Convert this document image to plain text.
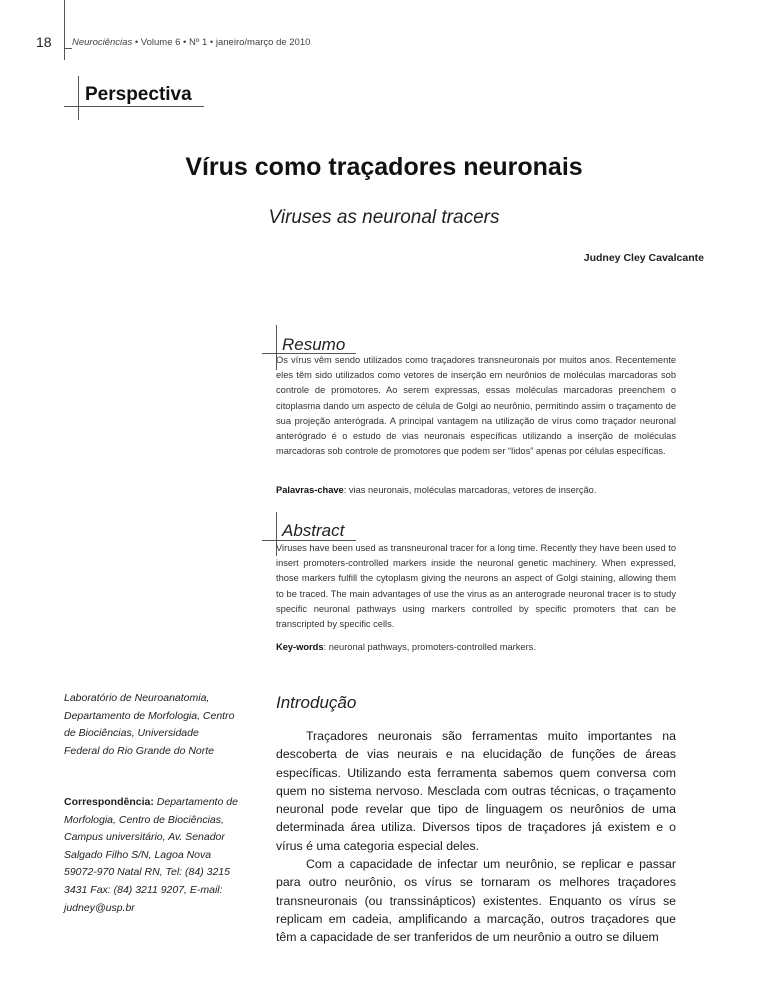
18 Neurociências • Volume 6 • Nº 1 • janeiro/março de 2010
Perspectiva
Vírus como traçadores neuronais
Viruses as neuronal tracers
Judney Cley Cavalcante
Resumo
Os vírus vêm sendo utilizados como traçadores transneuronais por muitos anos. Recentemente eles têm sido utilizados como vetores de inserção em neurônios de moléculas marcadoras sob controle de promotores. Ao serem expressas, essas moléculas marcadoras preenchem o citoplasma dando um aspecto de célula de Golgi ao neurônio, permitindo assim o traçamento de sua projeção anterógrada. A principal vantagem na utilização de vírus como traçador neuronal anterógrado é o estudo de vias neuronais específicas utilizando a inserção de moléculas marcadoras sob controle de promotores que podem ser “lidos” apenas por células específicas.
Palavras-chave: vias neuronais, moléculas marcadoras, vetores de inserção.
Abstract
Viruses have been used as transneuronal tracer for a long time. Recently they have been used to insert promoters-controlled markers inside the neuronal genetic machinery. When expressed, those markers fulfill the cytoplasm giving the neurons an aspect of Golgi staining, allowing them to be traced. The main advantages of use the virus as an anterograde neuronal tracer is to study specific neuronal pathways using markers controlled by specific promoters that can be transcripted by specific cells.
Key-words: neuronal pathways, promoters-controlled markers.
Laboratório de Neuroanatomia, Departamento de Morfologia, Centro de Biociências, Universidade Federal do Rio Grande do Norte
Correspondência: Departamento de Morfologia, Centro de Biociências, Campus universitário, Av. Senador Salgado Filho S/N, Lagoa Nova 59072-970 Natal RN, Tel: (84) 3215 3431 Fax: (84) 3211 9207, E-mail: judney@usp.br
Introdução

Traçadores neuronais são ferramentas muito importantes na descoberta de vias neurais e na elucidação de funções de áreas específicas. Utilizando esta ferramenta sabemos quem conversa com quem no sistema nervoso. Mesclada com outras técnicas, o traçamento neuronal pode revelar que tipo de linguagem os neurônios de uma determinada área utiliza. Diversos tipos de traçadores já existem e o vírus é uma categoria especial deles.

Com a capacidade de infectar um neurônio, se replicar e passar para outro neurônio, os vírus se tornaram os melhores traçadores transneuronais (ou transsinápticos) existentes. Enquanto os vírus se replicam em cadeia, amplificando a marcação, outros traçadores que têm a capacidade de ser tranferidos de um neurônio a outro se diluem
